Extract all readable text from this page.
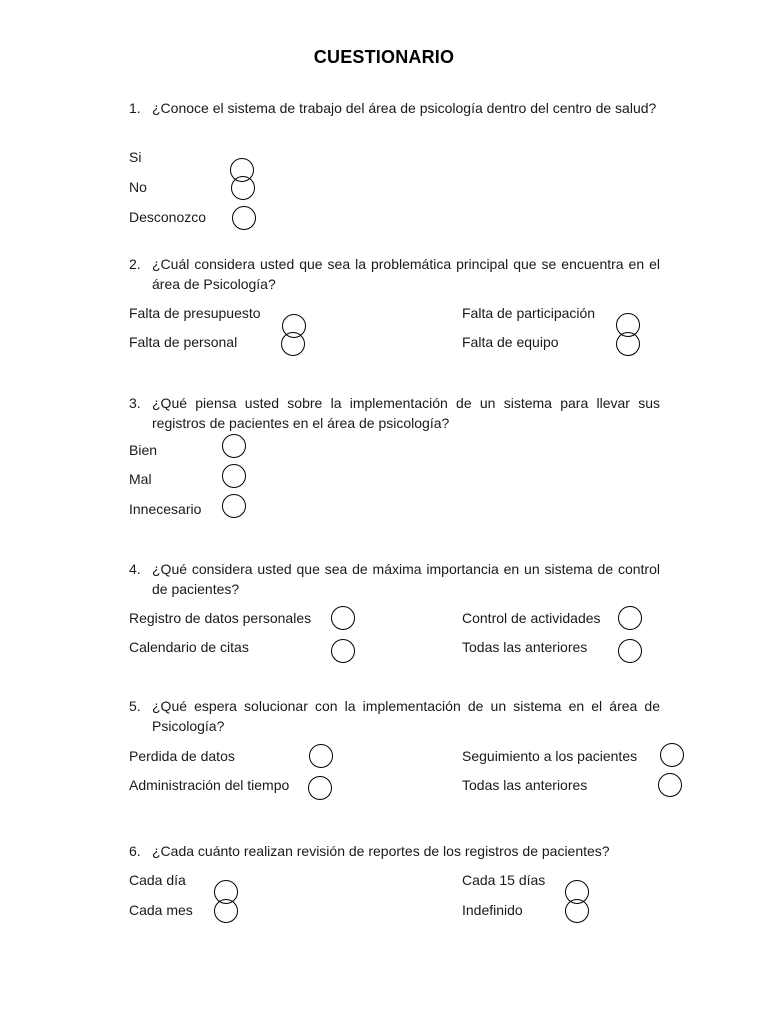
CUESTIONARIO
1. ¿Conoce el sistema de trabajo del área de psicología dentro del centro de salud?
Si
No
Desconozco
2. ¿Cuál considera usted que sea la problemática principal que se encuentra en el área de Psicología?
Falta de presupuesto
Falta de personal
Falta de participación
Falta de equipo
3. ¿Qué piensa usted sobre la implementación de un sistema para llevar sus registros de pacientes en el área de psicología?
Bien
Mal
Innecesario
4. ¿Qué considera usted que sea de máxima importancia en un sistema de control de pacientes?
Registro de datos personales
Calendario de citas
Control de actividades
Todas las anteriores
5. ¿Qué espera solucionar con la implementación de un sistema en el área de Psicología?
Perdida de datos
Administración del tiempo
Seguimiento a los pacientes
Todas las anteriores
6. ¿Cada cuánto realizan revisión de reportes de los registros de pacientes?
Cada día
Cada mes
Cada 15 días
Indefinido
